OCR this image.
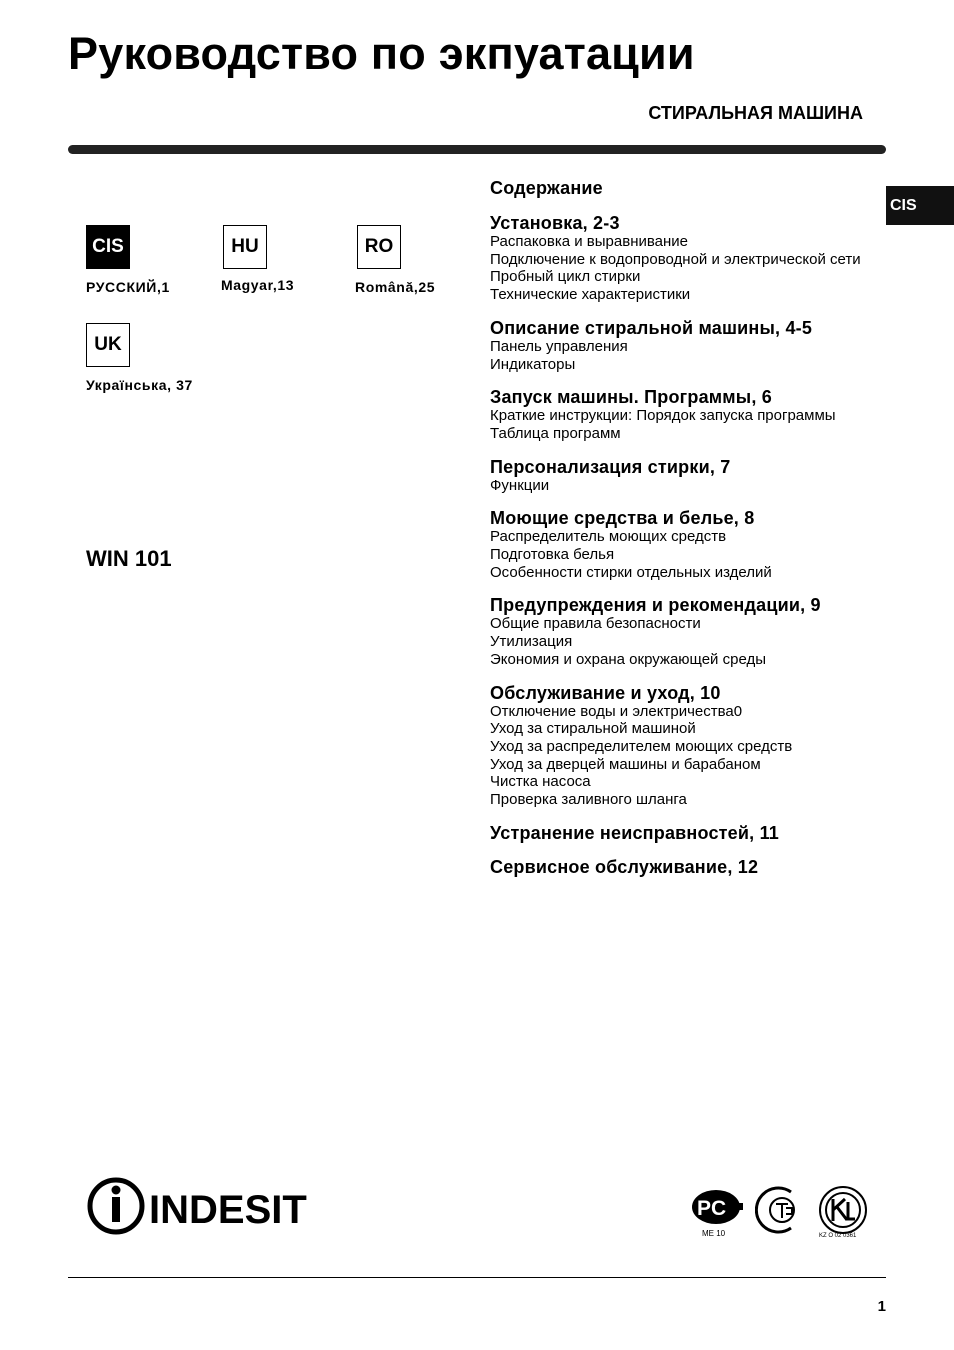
Руководство по экпуатации
СТИРАЛЬНАЯ МАШИНА
CIS
CIS
РУССКИЙ,1
HU
Magyar,13
RO
Română,25
UK
Українська, 37
WIN 101
Содержание
Установка, 2-3
Распаковка и выравнивание
Подключение к водопроводной и электрической сети
Пробный цикл стирки
Технические характеристики
Описание стиральной машины, 4-5
Панель управления
Индикаторы
Запуск машины. Программы, 6
Краткие инструкции: Порядок запуска программы
Таблица программ
Персонализация стирки, 7
Функции
Моющие средства и белье, 8
Распределитель моющих средств
Подготовка белья
Особенности стирки отдельных изделий
Предупреждения и рекомендации, 9
Общие правила безопасности
Утилизация
Экономия и охрана окружающей среды
Обслуживание и уход, 10
Отключение воды и электричества0
Уход за стиральной машиной
Уход за распределителем моющих средств
Уход за дверцей машины и барабаном
Чистка насоса
Проверка заливного шланга
Устранение неисправностей, 11
Сервисное обслуживание, 12
INDESIT	PC
ME 10	KZ O 02 0361
1
